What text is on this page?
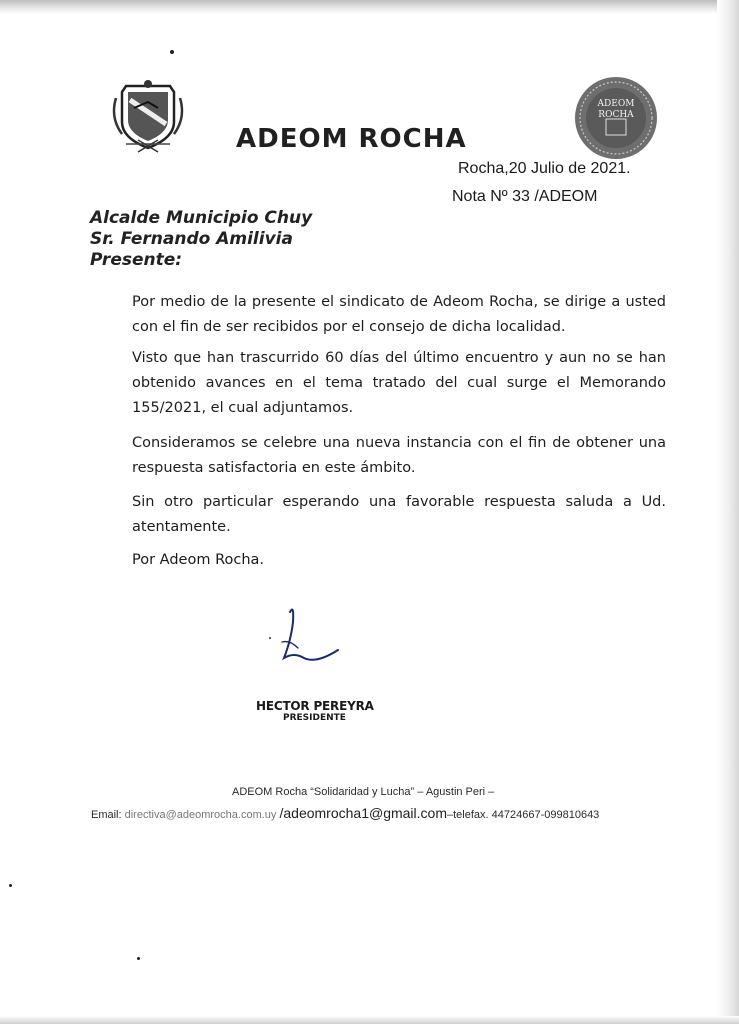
ADEOM
ROCHA
ADEOM ROCHA
Rocha,20 Julio de 2021.
Nota Nº 33 /ADEOM
Alcalde Municipio Chuy
Sr. Fernando Amilivia
Presente:
Por medio de la presente el sindicato de Adeom Rocha, se dirige a usted con el fin de ser recibidos por el consejo de dicha localidad.
Visto que han trascurrido 60 días del último encuentro y aun no se han obtenido avances en el tema tratado del cual surge el Memorando 155/2021, el cual adjuntamos.
Consideramos se celebre una nueva instancia con el fin de obtener una respuesta satisfactoria en este ámbito.
Sin otro particular esperando una favorable respuesta saluda a Ud. atentamente.
Por Adeom Rocha.
HECTOR PEREYRA
PRESIDENTE
ADEOM Rocha “Solidaridad y Lucha” – Agustin Peri –
Email: directiva@adeomrocha.com.uy /adeomrocha1@gmail.com–telefax. 44724667-099810643
